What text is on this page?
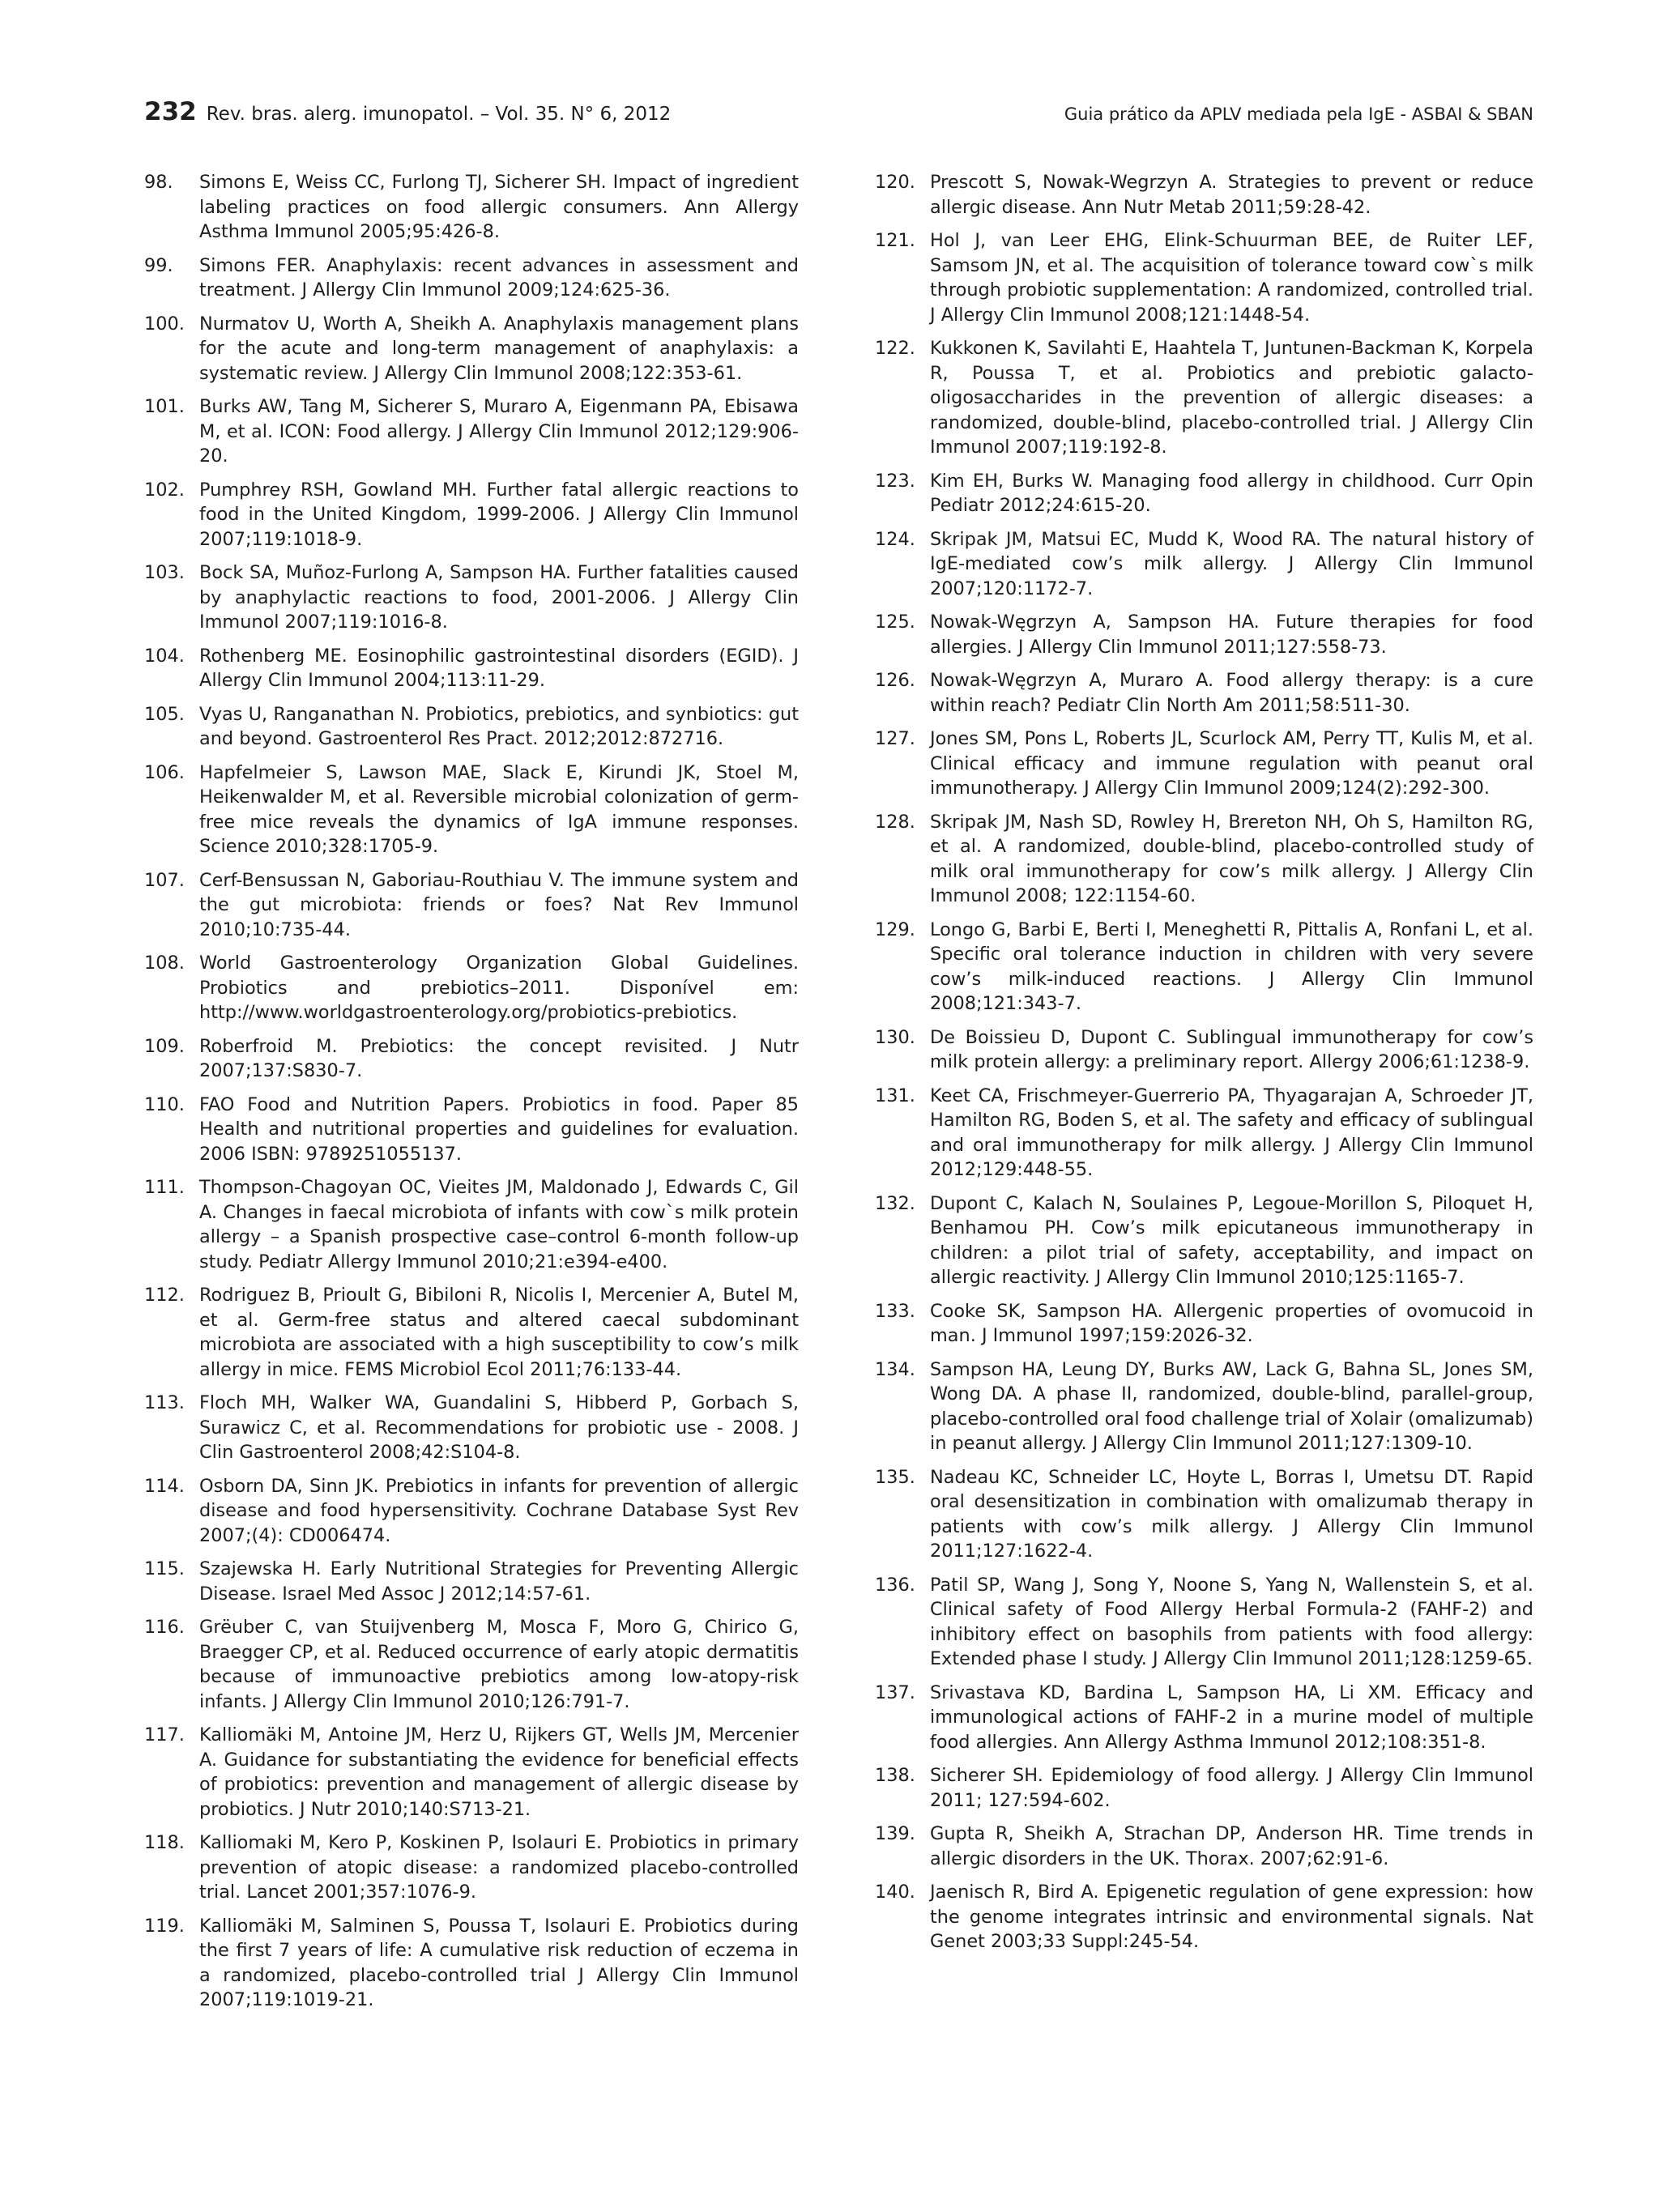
232 Rev. bras. alerg. imunopatol. – Vol. 35. N° 6, 2012	Guia prático da APLV mediada pela IgE - ASBAI & SBAN
98.	Simons E, Weiss CC, Furlong TJ, Sicherer SH. Impact of ingredient labeling practices on food allergic consumers. Ann Allergy Asthma Immunol 2005;95:426-8.
99.	Simons FER. Anaphylaxis: recent advances in assessment and treatment. J Allergy Clin Immunol 2009;124:625-36.
100. Nurmatov U, Worth A, Sheikh A. Anaphylaxis management plans for the acute and long-term management of anaphylaxis: a systematic review. J Allergy Clin Immunol 2008;122:353-61.
101. Burks AW, Tang M, Sicherer S, Muraro A, Eigenmann PA, Ebisawa M, et al. ICON: Food allergy. J Allergy Clin Immunol 2012;129:906-20.
102. Pumphrey RSH, Gowland MH. Further fatal allergic reactions to food in the United Kingdom, 1999-2006. J Allergy Clin Immunol 2007;119:1018-9.
103. Bock SA, Muñoz-Furlong A, Sampson HA. Further fatalities caused by anaphylactic reactions to food, 2001-2006. J Allergy Clin Immunol 2007;119:1016-8.
104. Rothenberg ME. Eosinophilic gastrointestinal disorders (EGID). J Allergy Clin Immunol 2004;113:11-29.
105. Vyas U, Ranganathan N. Probiotics, prebiotics, and synbiotics: gut and beyond. Gastroenterol Res Pract. 2012;2012:872716.
106. Hapfelmeier S, Lawson MAE, Slack E, Kirundi JK, Stoel M, Heikenwalder M, et al. Reversible microbial colonization of germ-free mice reveals the dynamics of IgA immune responses. Science 2010;328:1705-9.
107. Cerf-Bensussan N, Gaboriau-Routhiau V. The immune system and the gut microbiota: friends or foes? Nat Rev Immunol 2010;10:735-44.
108. World Gastroenterology Organization Global Guidelines. Probiotics and prebiotics–2011. Disponível em: http://www.worldgastroenterology.org/probiotics-prebiotics.
109. Roberfroid M. Prebiotics: the concept revisited. J Nutr 2007;137:S830-7.
110. FAO Food and Nutrition Papers. Probiotics in food. Paper 85 Health and nutritional properties and guidelines for evaluation. 2006 ISBN: 9789251055137.
111. Thompson-Chagoyan OC, Vieites JM, Maldonado J, Edwards C, Gil A. Changes in faecal microbiota of infants with cow`s milk protein allergy – a Spanish prospective case–control 6-month follow-up study. Pediatr Allergy Immunol 2010;21:e394-e400.
112. Rodriguez B, Prioult G, Bibiloni R, Nicolis I, Mercenier A, Butel M, et al. Germ-free status and altered caecal subdominant microbiota are associated with a high susceptibility to cow’s milk allergy in mice. FEMS Microbiol Ecol 2011;76:133-44.
113. Floch MH, Walker WA, Guandalini S, Hibberd P, Gorbach S, Surawicz C, et al. Recommendations for probiotic use - 2008. J Clin Gastroenterol 2008;42:S104-8.
114. Osborn DA, Sinn JK. Prebiotics in infants for prevention of allergic disease and food hypersensitivity. Cochrane Database Syst Rev 2007;(4): CD006474.
115. Szajewska H. Early Nutritional Strategies for Preventing Allergic Disease. Israel Med Assoc J 2012;14:57-61.
116. Grëuber C, van Stuijvenberg M, Mosca F, Moro G, Chirico G, Braegger CP, et al. Reduced occurrence of early atopic dermatitis because of immunoactive prebiotics among low-atopy-risk infants. J Allergy Clin Immunol 2010;126:791-7.
117. Kalliomäki M, Antoine JM, Herz U, Rijkers GT, Wells JM, Mercenier A. Guidance for substantiating the evidence for beneficial effects of probiotics: prevention and management of allergic disease by probiotics. J Nutr 2010;140:S713-21.
118. Kalliomaki M, Kero P, Koskinen P, Isolauri E. Probiotics in primary prevention of atopic disease: a randomized placebo-controlled trial. Lancet 2001;357:1076-9.
119. Kalliomäki M, Salminen S, Poussa T, Isolauri E. Probiotics during the first 7 years of life: A cumulative risk reduction of eczema in a randomized, placebo-controlled trial J Allergy Clin Immunol 2007;119:1019-21.
120. Prescott S, Nowak-Wegrzyn A. Strategies to prevent or reduce allergic disease. Ann Nutr Metab 2011;59:28-42.
121. Hol J, van Leer EHG, Elink-Schuurman BEE, de Ruiter LEF, Samsom JN, et al. The acquisition of tolerance toward cow`s milk through probiotic supplementation: A randomized, controlled trial. J Allergy Clin Immunol 2008;121:1448-54.
122. Kukkonen K, Savilahti E, Haahtela T, Juntunen-Backman K, Korpela R, Poussa T, et al. Probiotics and prebiotic galacto-oligosaccharides in the prevention of allergic diseases: a randomized, double-blind, placebo-controlled trial. J Allergy Clin Immunol 2007;119:192-8.
123. Kim EH, Burks W. Managing food allergy in childhood. Curr Opin Pediatr 2012;24:615-20.
124. Skripak JM, Matsui EC, Mudd K, Wood RA. The natural history of IgE-mediated cow’s milk allergy. J Allergy Clin Immunol 2007;120:1172-7.
125. Nowak-Węgrzyn A, Sampson HA. Future therapies for food allergies. J Allergy Clin Immunol 2011;127:558-73.
126. Nowak-Węgrzyn A, Muraro A. Food allergy therapy: is a cure within reach? Pediatr Clin North Am 2011;58:511-30.
127. Jones SM, Pons L, Roberts JL, Scurlock AM, Perry TT, Kulis M, et al. Clinical efficacy and immune regulation with peanut oral immunotherapy. J Allergy Clin Immunol 2009;124(2):292-300.
128. Skripak JM, Nash SD, Rowley H, Brereton NH, Oh S, Hamilton RG, et al. A randomized, double-blind, placebo-controlled study of milk oral immunotherapy for cow’s milk allergy. J Allergy Clin Immunol 2008; 122:1154-60.
129. Longo G, Barbi E, Berti I, Meneghetti R, Pittalis A, Ronfani L, et al. Specific oral tolerance induction in children with very severe cow’s milk-induced reactions. J Allergy Clin Immunol 2008;121:343-7.
130. De Boissieu D, Dupont C. Sublingual immunotherapy for cow’s milk protein allergy: a preliminary report. Allergy 2006;61:1238-9.
131. Keet CA, Frischmeyer-Guerrerio PA, Thyagarajan A, Schroeder JT, Hamilton RG, Boden S, et al. The safety and efficacy of sublingual and oral immunotherapy for milk allergy. J Allergy Clin Immunol 2012;129:448-55.
132. Dupont C, Kalach N, Soulaines P, Legoue-Morillon S, Piloquet H, Benhamou PH. Cow’s milk epicutaneous immunotherapy in children: a pilot trial of safety, acceptability, and impact on allergic reactivity. J Allergy Clin Immunol 2010;125:1165-7.
133. Cooke SK, Sampson HA. Allergenic properties of ovomucoid in man. J Immunol 1997;159:2026-32.
134. Sampson HA, Leung DY, Burks AW, Lack G, Bahna SL, Jones SM, Wong DA. A phase II, randomized, double-blind, parallel-group, placebo-controlled oral food challenge trial of Xolair (omalizumab) in peanut allergy. J Allergy Clin Immunol 2011;127:1309-10.
135. Nadeau KC, Schneider LC, Hoyte L, Borras I, Umetsu DT. Rapid oral desensitization in combination with omalizumab therapy in patients with cow’s milk allergy. J Allergy Clin Immunol 2011;127:1622-4.
136. Patil SP, Wang J, Song Y, Noone S, Yang N, Wallenstein S, et al. Clinical safety of Food Allergy Herbal Formula-2 (FAHF-2) and inhibitory effect on basophils from patients with food allergy: Extended phase I study. J Allergy Clin Immunol 2011;128:1259-65.
137. Srivastava KD, Bardina L, Sampson HA, Li XM. Efficacy and immunological actions of FAHF-2 in a murine model of multiple food allergies. Ann Allergy Asthma Immunol 2012;108:351-8.
138. Sicherer SH. Epidemiology of food allergy. J Allergy Clin Immunol 2011; 127:594-602.
139. Gupta R, Sheikh A, Strachan DP, Anderson HR. Time trends in allergic disorders in the UK. Thorax. 2007;62:91-6.
140. Jaenisch R, Bird A. Epigenetic regulation of gene expression: how the genome integrates intrinsic and environmental signals. Nat Genet 2003;33 Suppl:245-54.
